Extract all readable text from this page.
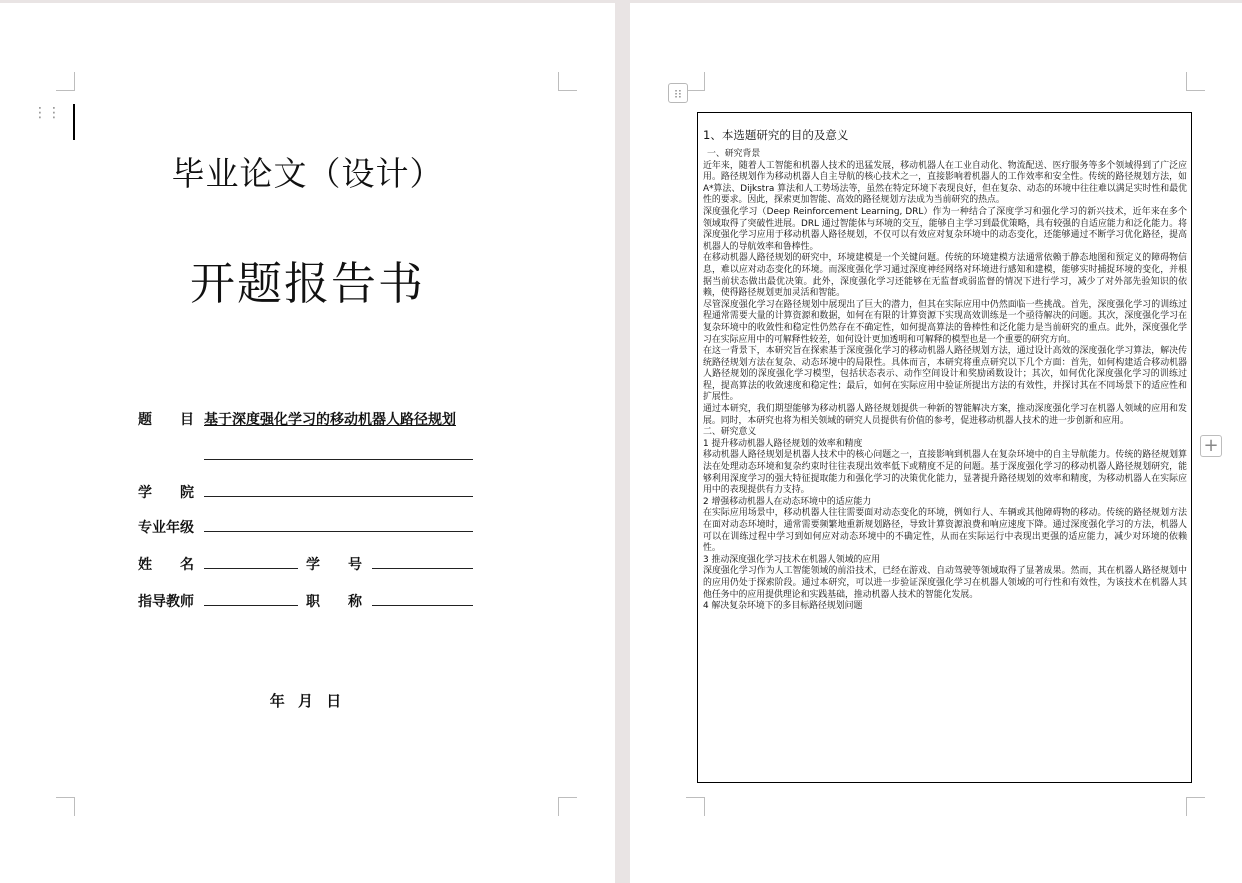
⋮⋮
毕业论文（设计）
开题报告书
题　　目 基于深度强化学习的移动机器人路径规划
学　　院
专业年级
姓　　名	学　　号
指导教师	职　　称
年 月 日
⁝⁝
+
1、本选题研究的目的及意义
一、研究背景

近年来，随着人工智能和机器人技术的迅猛发展，移动机器人在工业自动化、物流配送、医疗服务等多个领域得到了广泛应用。路径规划作为移动机器人自主导航的核心技术之一，直接影响着机器人的工作效率和安全性。传统的路径规划方法，如 A*算法、Dijkstra 算法和人工势场法等，虽然在特定环境下表现良好，但在复杂、动态的环境中往往难以满足实时性和最优性的要求。因此，探索更加智能、高效的路径规划方法成为当前研究的热点。

深度强化学习（Deep Reinforcement Learning, DRL）作为一种结合了深度学习和强化学习的新兴技术，近年来在多个领域取得了突破性进展。DRL 通过智能体与环境的交互，能够自主学习到最优策略，具有较强的自适应能力和泛化能力。将深度强化学习应用于移动机器人路径规划，不仅可以有效应对复杂环境中的动态变化，还能够通过不断学习优化路径，提高机器人的导航效率和鲁棒性。

在移动机器人路径规划的研究中，环境建模是一个关键问题。传统的环境建模方法通常依赖于静态地图和预定义的障碍物信息，难以应对动态变化的环境。而深度强化学习通过深度神经网络对环境进行感知和建模，能够实时捕捉环境的变化，并根据当前状态做出最优决策。此外，深度强化学习还能够在无监督或弱监督的情况下进行学习，减少了对外部先验知识的依赖，使得路径规划更加灵活和智能。

尽管深度强化学习在路径规划中展现出了巨大的潜力，但其在实际应用中仍然面临一些挑战。首先，深度强化学习的训练过程通常需要大量的计算资源和数据，如何在有限的计算资源下实现高效训练是一个亟待解决的问题。其次，深度强化学习在复杂环境中的收敛性和稳定性仍然存在不确定性，如何提高算法的鲁棒性和泛化能力是当前研究的重点。此外，深度强化学习在实际应用中的可解释性较差，如何设计更加透明和可解释的模型也是一个重要的研究方向。

在这一背景下，本研究旨在探索基于深度强化学习的移动机器人路径规划方法，通过设计高效的深度强化学习算法，解决传统路径规划方法在复杂、动态环境中的局限性。具体而言，本研究将重点研究以下几个方面：首先，如何构建适合移动机器人路径规划的深度强化学习模型，包括状态表示、动作空间设计和奖励函数设计；其次，如何优化深度强化学习的训练过程，提高算法的收敛速度和稳定性；最后，如何在实际应用中验证所提出方法的有效性，并探讨其在不同场景下的适应性和扩展性。

通过本研究，我们期望能够为移动机器人路径规划提供一种新的智能解决方案，推动深度强化学习在机器人领域的应用和发展。同时，本研究也将为相关领域的研究人员提供有价值的参考，促进移动机器人技术的进一步创新和应用。

二、研究意义
1 提升移动机器人路径规划的效率和精度

移动机器人路径规划是机器人技术中的核心问题之一，直接影响到机器人在复杂环境中的自主导航能力。传统的路径规划算法在处理动态环境和复杂约束时往往表现出效率低下或精度不足的问题。基于深度强化学习的移动机器人路径规划研究，能够利用深度学习的强大特征提取能力和强化学习的决策优化能力，显著提升路径规划的效率和精度，为移动机器人在实际应用中的表现提供有力支持。

2 增强移动机器人在动态环境中的适应能力

在实际应用场景中，移动机器人往往需要面对动态变化的环境，例如行人、车辆或其他障碍物的移动。传统的路径规划方法在面对动态环境时，通常需要频繁地重新规划路径，导致计算资源浪费和响应速度下降。通过深度强化学习的方法，机器人可以在训练过程中学习到如何应对动态环境中的不确定性，从而在实际运行中表现出更强的适应能力，减少对环境的依赖性。

3 推动深度强化学习技术在机器人领域的应用

深度强化学习作为人工智能领域的前沿技术，已经在游戏、自动驾驶等领域取得了显著成果。然而，其在机器人路径规划中的应用仍处于探索阶段。通过本研究，可以进一步验证深度强化学习在机器人领域的可行性和有效性，为该技术在机器人其他任务中的应用提供理论和实践基础，推动机器人技术的智能化发展。

4 解决复杂环境下的多目标路径规划问题
